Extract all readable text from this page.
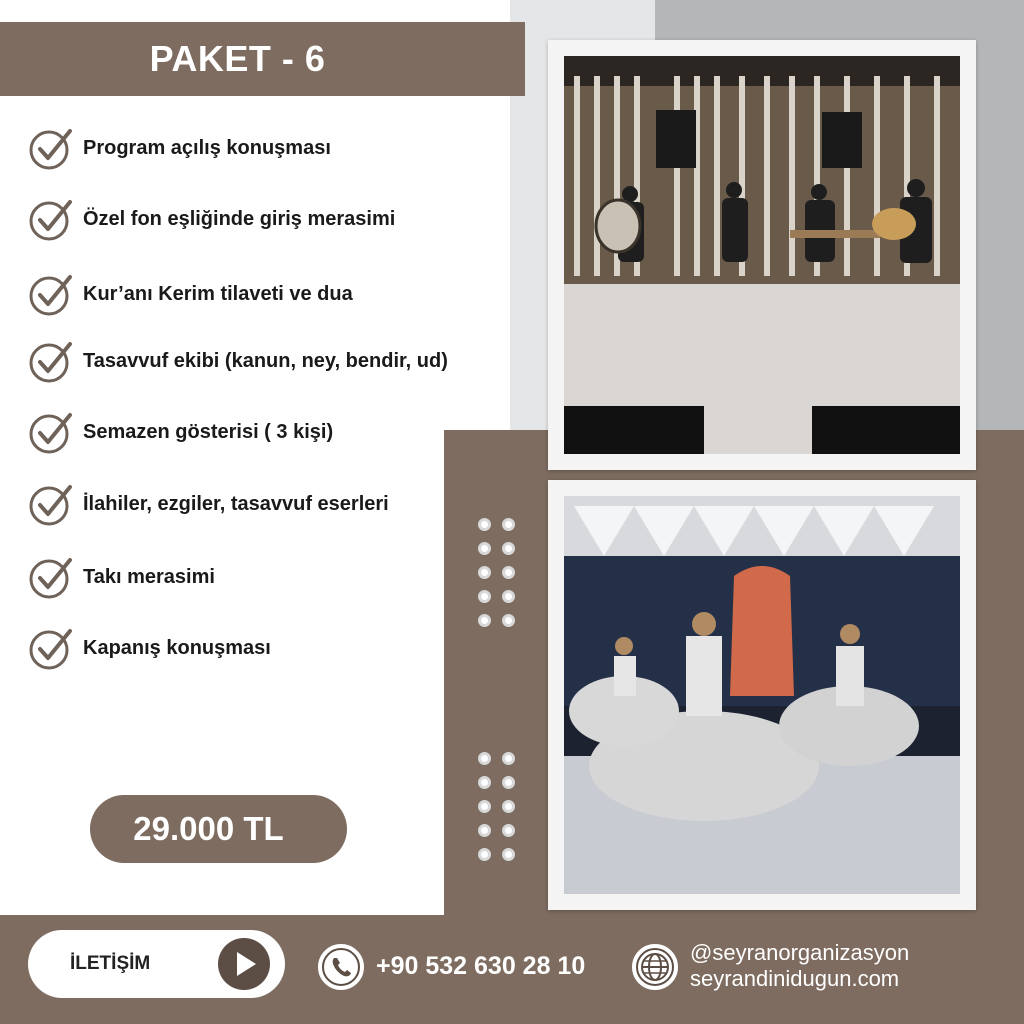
PAKET - 6
Program açılış konuşması
Özel fon eşliğinde giriş merasimi
Kur’anı Kerim tilaveti ve dua
Tasavvuf ekibi (kanun, ney, bendir, ud)
Semazen gösterisi ( 3 kişi)
İlahiler, ezgiler, tasavvuf eserleri
Takı merasimi
Kapanış konuşması
29.000 TL
İLETİŞİM	+90 532 630 28 10	@seyranorganizasyon
seyrandinidugun.com
